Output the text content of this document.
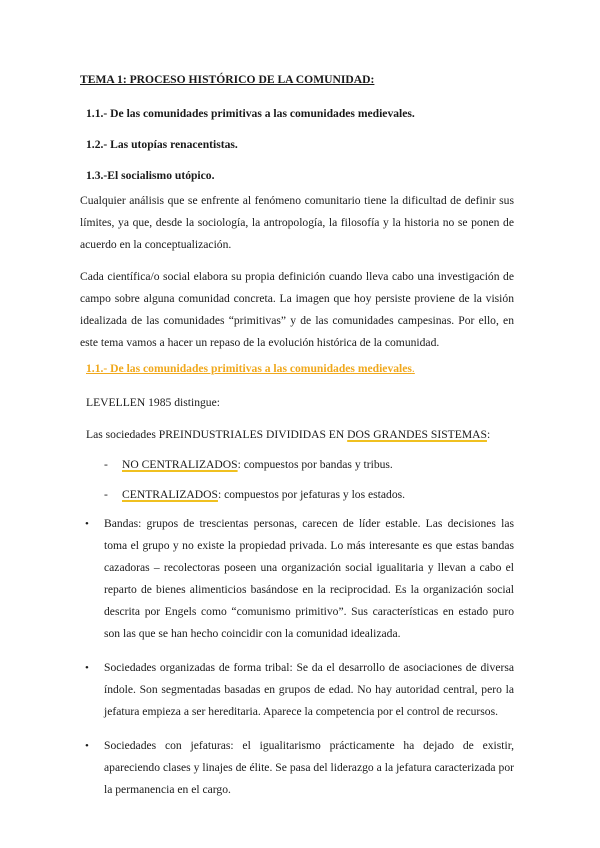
TEMA 1: PROCESO HISTÓRICO DE LA COMUNIDAD:

1.1.- De las comunidades primitivas a las comunidades medievales.

1.2.- Las utopías renacentistas.

1.3.-El socialismo utópico.

Cualquier análisis que se enfrente al fenómeno comunitario tiene la dificultad de definir sus límites, ya que, desde la sociología, la antropología, la filosofía y la historia no se ponen de acuerdo en la conceptualización.

Cada científica/o social elabora su propia definición cuando lleva cabo una investigación de campo sobre alguna comunidad concreta. La imagen que hoy persiste proviene de la visión idealizada de las comunidades “primitivas” y de las comunidades campesinas. Por ello, en este tema vamos a hacer un repaso de la evolución histórica de la comunidad.

1.1.- De las comunidades primitivas a las comunidades medievales.

LEVELLEN 1985 distingue:

Las sociedades PREINDUSTRIALES DIVIDIDAS EN DOS GRANDES SISTEMAS:

- NO CENTRALIZADOS: compuestos por bandas y tribus.

- CENTRALIZADOS: compuestos por jefaturas y los estados.

• Bandas: grupos de trescientas personas, carecen de líder estable. Las decisiones las toma el grupo y no existe la propiedad privada. Lo más interesante es que estas bandas cazadoras – recolectoras poseen una organización social igualitaria y llevan a cabo el reparto de bienes alimenticios basándose en la reciprocidad. Es la organización social descrita por Engels como “comunismo primitivo”. Sus características en estado puro son las que se han hecho coincidir con la comunidad idealizada.
• Sociedades organizadas de forma tribal: Se da el desarrollo de asociaciones de diversa índole. Son segmentadas basadas en grupos de edad. No hay autoridad central, pero la jefatura empieza a ser hereditaria. Aparece la competencia por el control de recursos.
• Sociedades con jefaturas: el igualitarismo prácticamente ha dejado de existir, apareciendo clases y linajes de élite. Se pasa del liderazgo a la jefatura caracterizada por la permanencia en el cargo.
